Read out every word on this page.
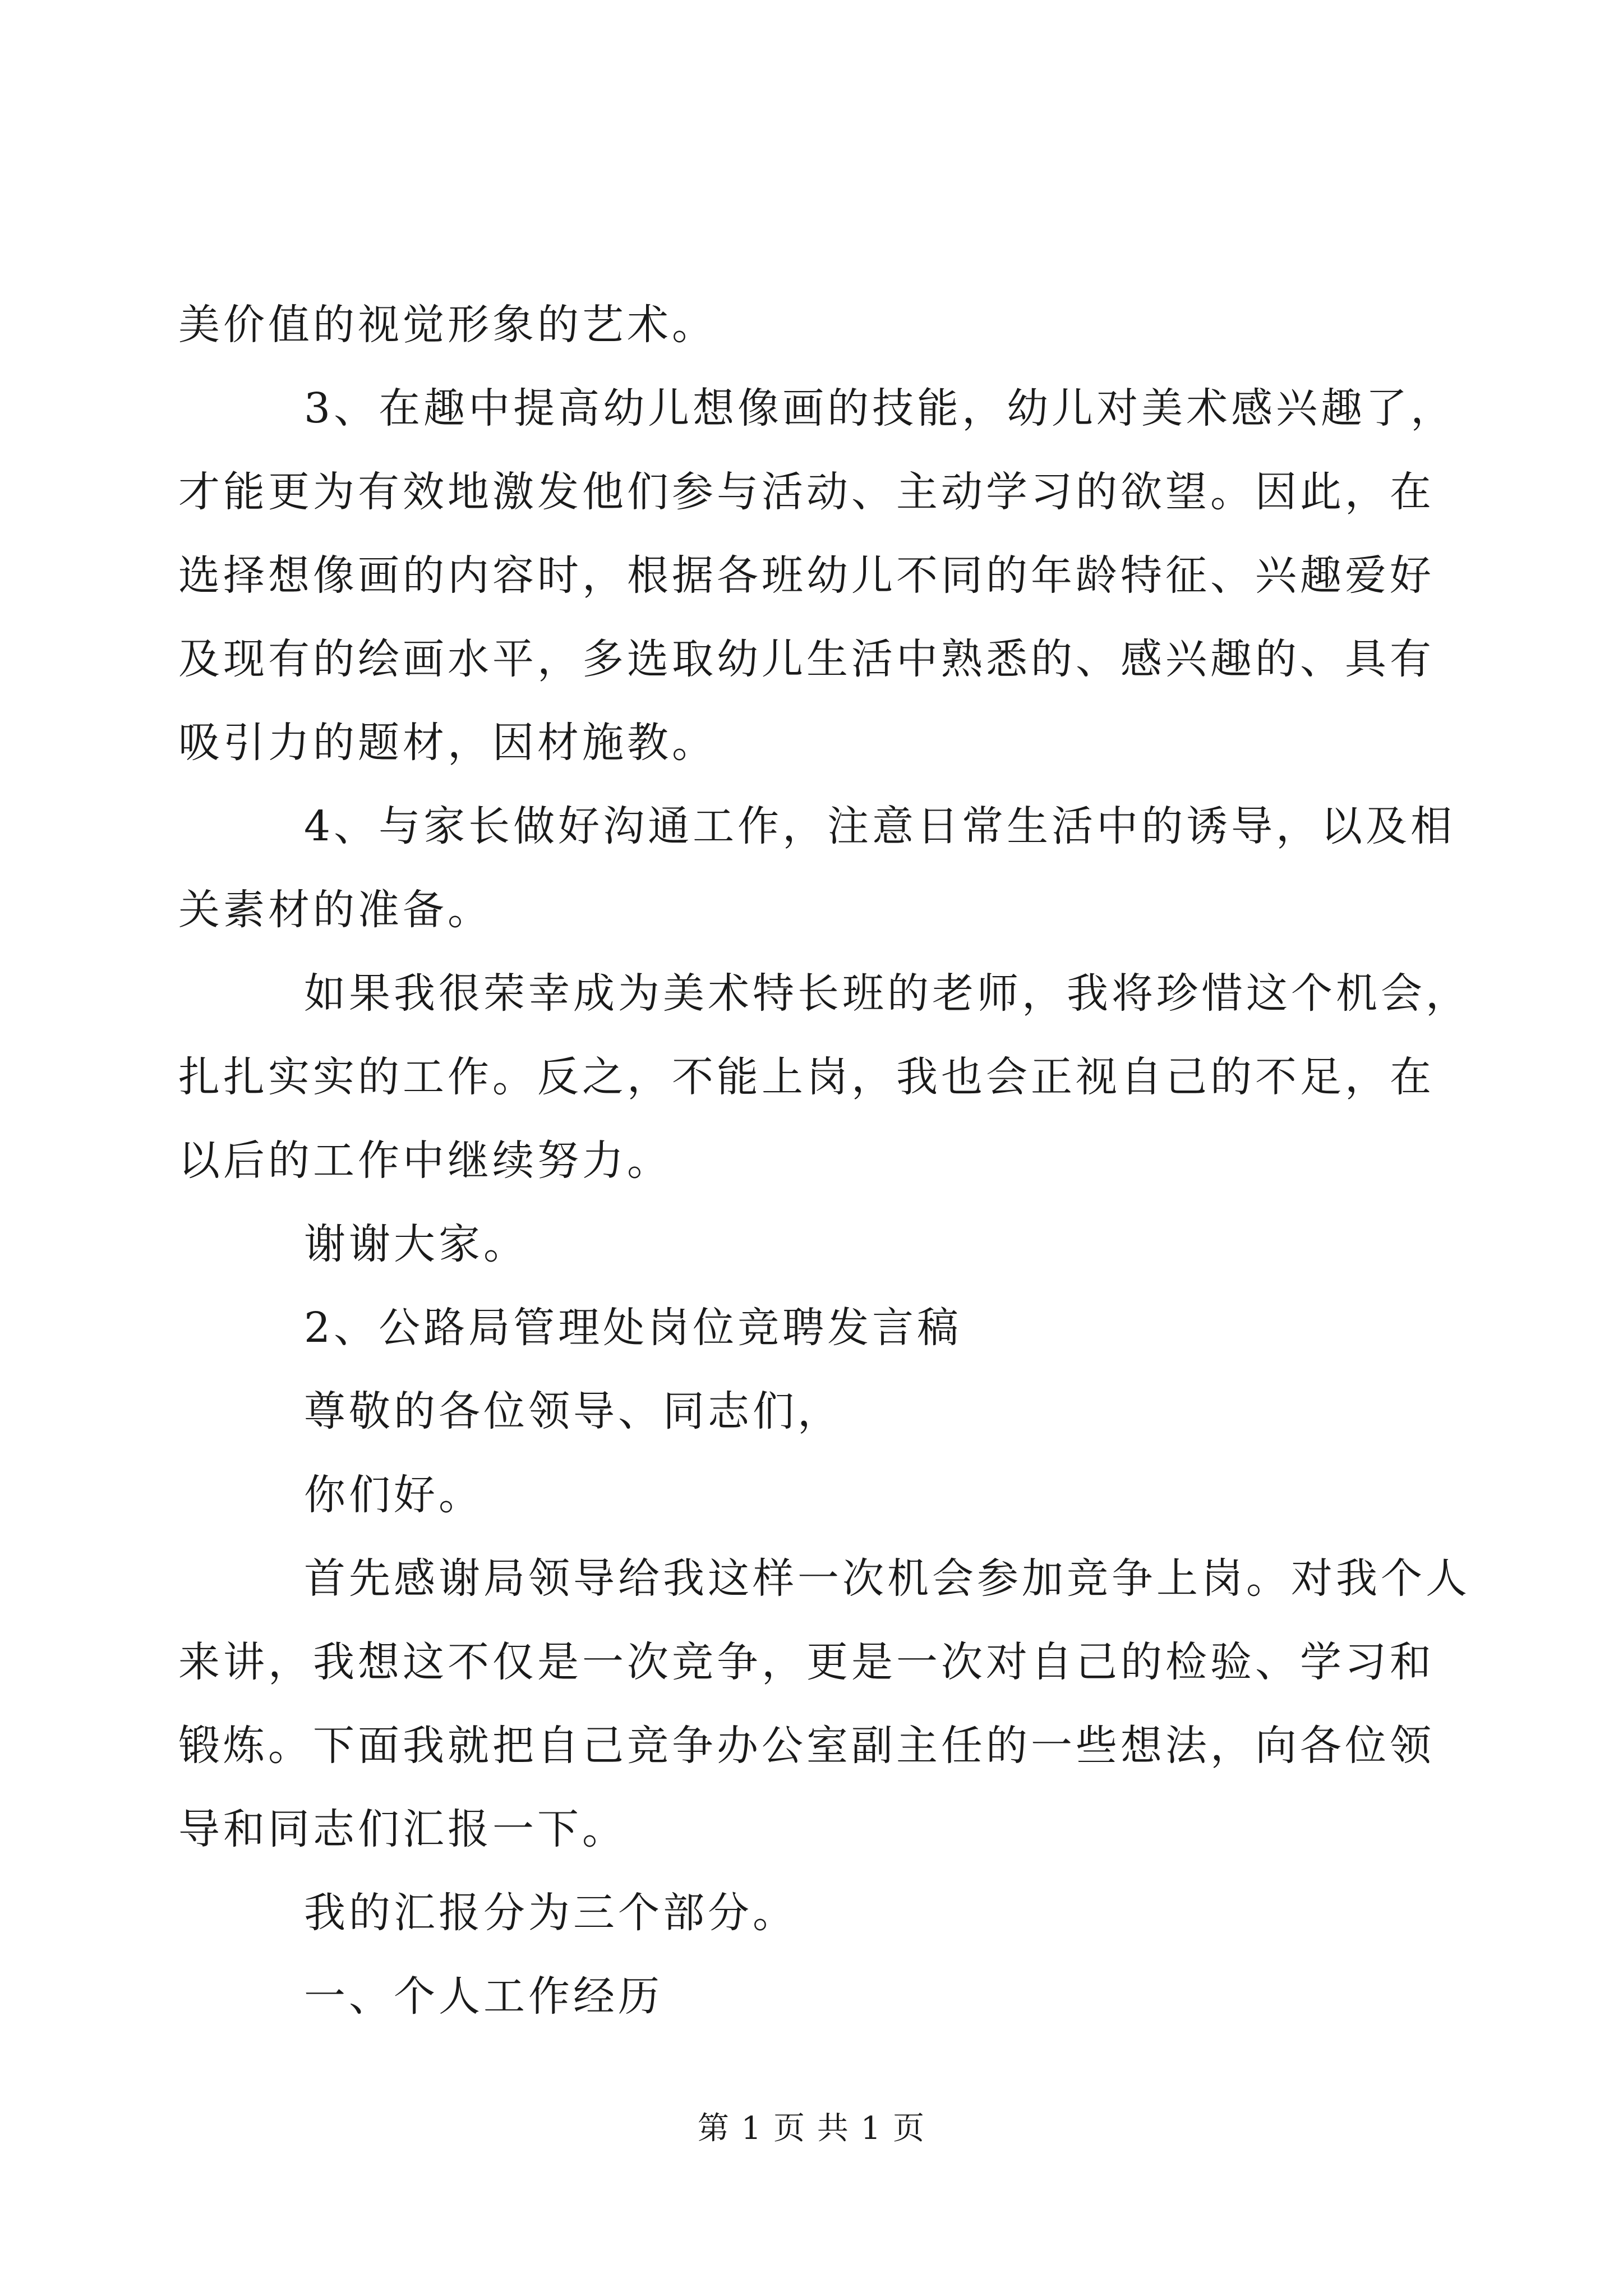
美价值的视觉形象的艺术。
3、在趣中提高幼儿想像画的技能，幼儿对美术感兴趣了，
才能更为有效地激发他们参与活动、主动学习的欲望。因此，在
选择想像画的内容时，根据各班幼儿不同的年龄特征、兴趣爱好
及现有的绘画水平，多选取幼儿生活中熟悉的、感兴趣的、具有
吸引力的题材，因材施教。
4、与家长做好沟通工作，注意日常生活中的诱导，以及相
关素材的准备。
如果我很荣幸成为美术特长班的老师，我将珍惜这个机会，
扎扎实实的工作。反之，不能上岗，我也会正视自己的不足，在
以后的工作中继续努力。
谢谢大家。
2、公路局管理处岗位竞聘发言稿
尊敬的各位领导、同志们，
你们好。
首先感谢局领导给我这样一次机会参加竞争上岗。对我个人
来讲，我想这不仅是一次竞争，更是一次对自己的检验、学习和
锻炼。下面我就把自己竞争办公室副主任的一些想法，向各位领
导和同志们汇报一下。
我的汇报分为三个部分。
一、个人工作经历
第 1 页 共 1 页
